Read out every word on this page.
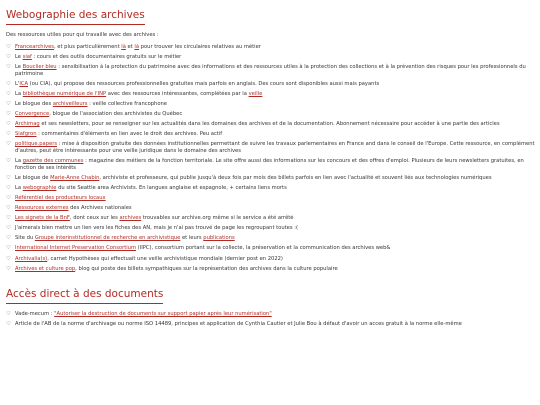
Webographie des archives

Des ressources utiles pour qui travaille avec des archives :

♡ Francearchives, et plus particulièrement là et là pour trouver les circulaires relatives au métier
♡ Le siaf : cours et des outils documentaires gratuits sur le métier
♡ Le Bouclier bleu : sensibilisation à la protection du patrimoine avec des informations et des ressources utiles à la protection des collections et à la prévention des risques pour les professionnels du patrimoine
♡ L'ICA (ou CIA), qui propose des ressources professionnelles gratuites mais parfois en anglais. Des cours sont disponibles aussi mais payants
♡ La bibliothèque numérique de l'INP avec des ressources intéressantes, complétées par la veille
♡ Le blogue des archiveilleurs : veille collective francophone
♡ Convergence, blogue de l'association des archivistes du Québec
♡ Archimag et ses newsletters, pour se renseigner sur les actualités dans les domaines des archives et de la documentation. Abonnement nécessaire pour accéder à une partie des articles
♡ Siafgron : commentaires d'éléments en lien avec le droit des archives. Peu actif
♡ politique.papers : mise à disposition gratuite des données institutionnelles permettant de suivre les travaux parlementaires en France and dans le conseil de l'Europe. Cette ressource, en complément d'autres, peut être intéressante pour une veille juridique dans le domaine des archives
♡ La gazette des communes : magazine des métiers de la fonction territoriale. Le site offre aussi des informations sur les concours et des offres d'emploi. Plusieurs de leurs newsletters gratuites, en fonction de ses intérêts
♡ Le blogue de Marie-Anne Chabin, archiviste et professeure, qui publie jusqu'à deux fois par mois des billets parfois en lien avec l'actualité et souvent liés aux technologies numériques
♡ La webographie du site Seattle area Archivists. En langues anglaise et espagnole, + certains liens morts
♡ Référentiel des producteurs locaux
♡ Ressources externes des Archives nationales
♡ Les signets de la BnF, dont ceux sur les archives trouvables sur archive.org même si le service a été arrêté
♡ J'aimerais bien mettre un lien vers les fiches des AN, mais je n'ai pas trouvé de page les regroupant toutes :(
♡ Site du Groupe interinstitutionnel de recherche en archivistique et leurs publications
♡ International Internet Preservation Consortium (IIPC), consortium portant sur la collecte, la préservation et la communication des archives web&
♡ Archivalia(s), carnet Hypothèses qui effectuait une veille archivistique mondiale (dernier post en 2022)
♡ Archives et culture pop, blog qui poste des billets sympathiques sur la représentation des archives dans la culture populaire
Accès direct à des documents
♡ Vade-mecum : "Autoriser la destruction de documents sur support papier après leur numérisation"
♡ Article de l'AB de la norme d'archivage ou norme ISO 14489, principes et application de Cynthia Cautier et Julie Bou à défaut d'avoir un acces gratuit à la norme elle-même
